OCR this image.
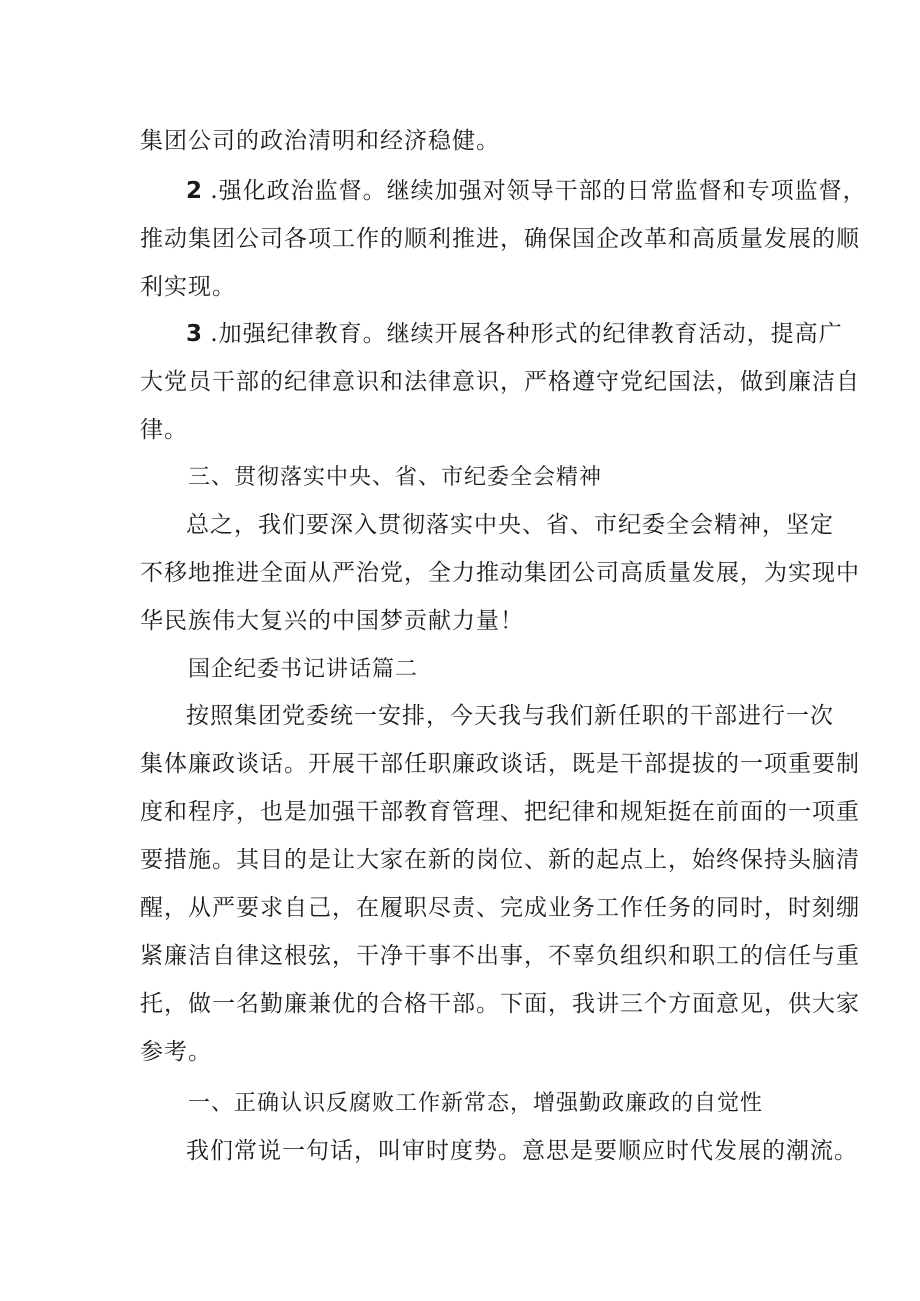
集团公司的政治清明和经济稳健。
2 .强化政治监督。继续加强对领导干部的日常监督和专项监督，
推动集团公司各项工作的顺利推进，确保国企改革和高质量发展的顺
利实现。
3 .加强纪律教育。继续开展各种形式的纪律教育活动，提高广
大党员干部的纪律意识和法律意识，严格遵守党纪国法，做到廉洁自
律。
三、贯彻落实中央、省、市纪委全会精神
总之，我们要深入贯彻落实中央、省、市纪委全会精神，坚定
不移地推进全面从严治党，全力推动集团公司高质量发展，为实现中
华民族伟大复兴的中国梦贡献力量！
国企纪委书记讲话篇二
按照集团党委统一安排，今天我与我们新任职的干部进行一次
集体廉政谈话。开展干部任职廉政谈话，既是干部提拔的一项重要制
度和程序，也是加强干部教育管理、把纪律和规矩挺在前面的一项重
要措施。其目的是让大家在新的岗位、新的起点上，始终保持头脑清
醒，从严要求自己，在履职尽责、完成业务工作任务的同时，时刻绷
紧廉洁自律这根弦，干净干事不出事，不辜负组织和职工的信任与重
托，做一名勤廉兼优的合格干部。下面，我讲三个方面意见，供大家
参考。
一、正确认识反腐败工作新常态，增强勤政廉政的自觉性
我们常说一句话，叫审时度势。意思是要顺应时代发展的潮流。
